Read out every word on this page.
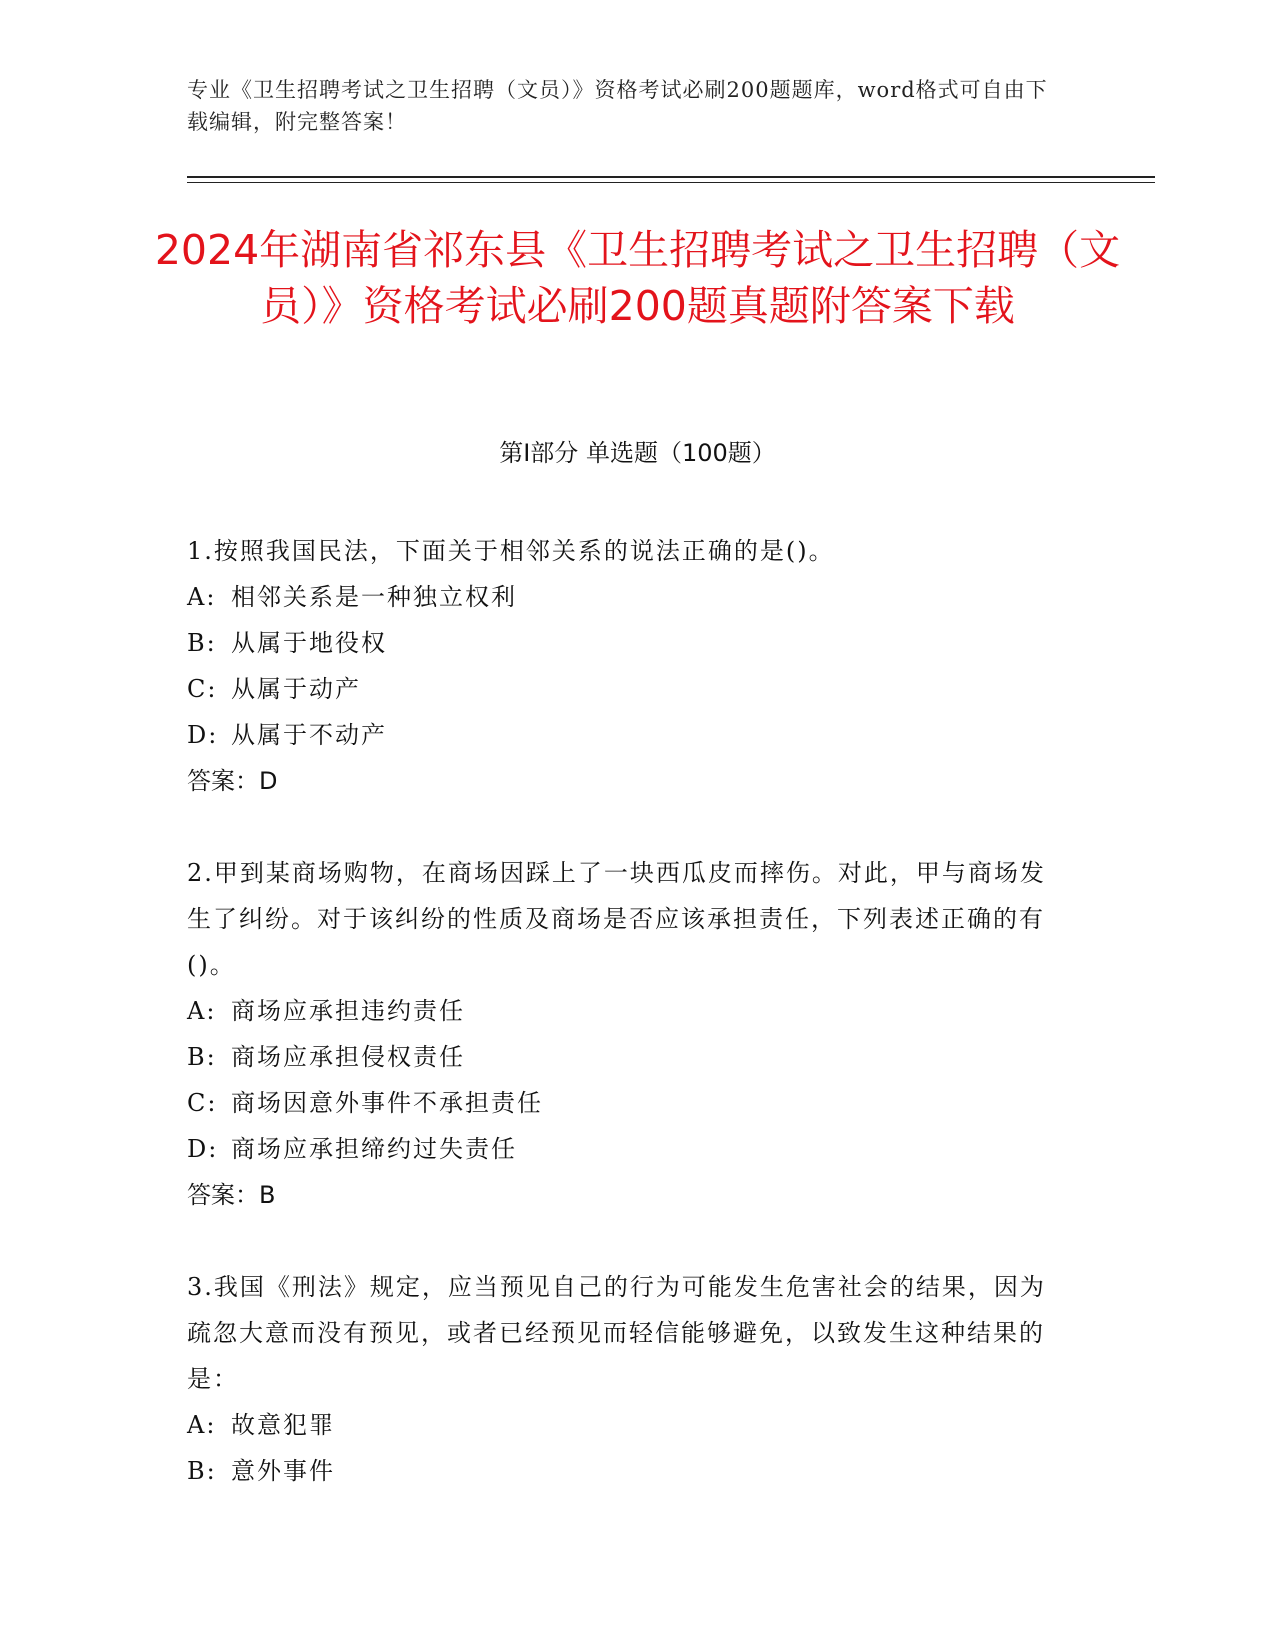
专业《卫生招聘考试之卫生招聘（文员）》资格考试必刷200题题库，word格式可自由下载编辑，附完整答案！
2024年湖南省祁东县《卫生招聘考试之卫生招聘（文员）》资格考试必刷200题真题附答案下载
第Ⅰ部分 单选题（100题）

1.按照我国民法，下面关于相邻关系的说法正确的是()。

A: 相邻关系是一种独立权利

B: 从属于地役权

C: 从属于动产

D: 从属于不动产

答案：D

2.甲到某商场购物，在商场因踩上了一块西瓜皮而摔伤。对此，甲与商场发生了纠纷。对于该纠纷的性质及商场是否应该承担责任，下列表述正确的有()。

A: 商场应承担违约责任

B: 商场应承担侵权责任

C: 商场因意外事件不承担责任

D: 商场应承担缔约过失责任

答案：B

3.我国《刑法》规定，应当预见自己的行为可能发生危害社会的结果，因为疏忽大意而没有预见，或者已经预见而轻信能够避免，以致发生这种结果的是：

A: 故意犯罪

B: 意外事件
